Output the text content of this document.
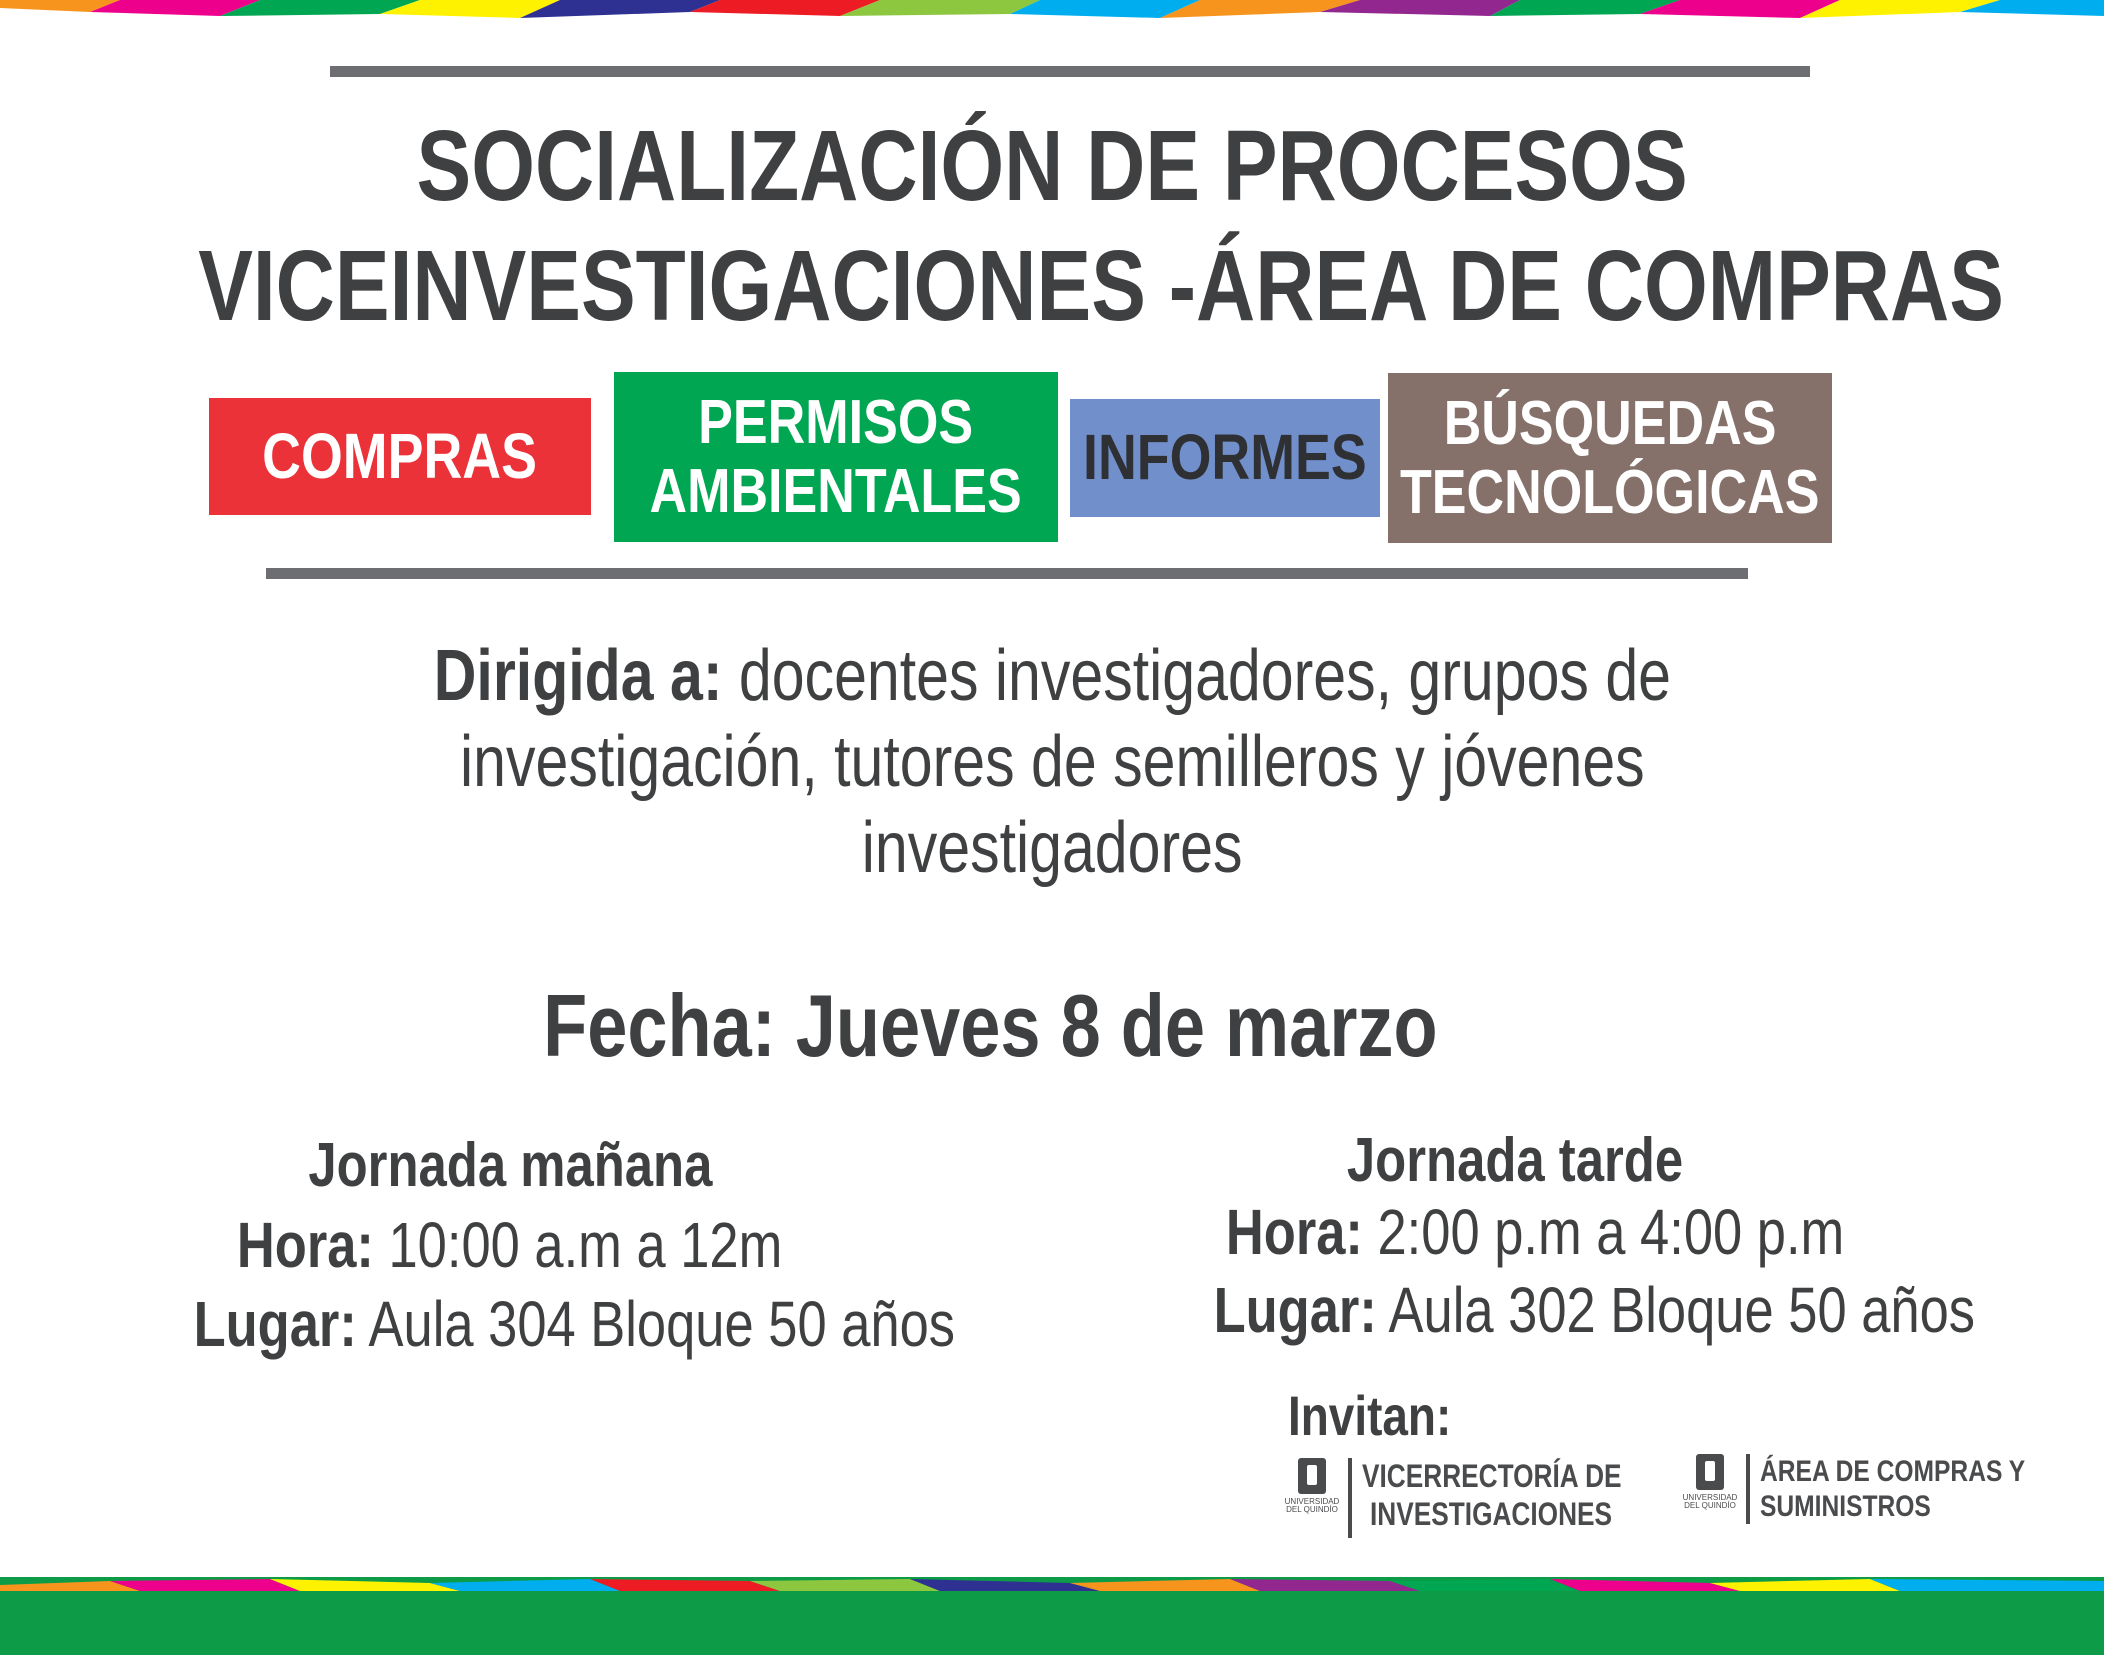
SOCIALIZACIÓN DE PROCESOS
VICEINVESTIGACIONES -ÁREA DE COMPRAS
COMPRAS	PERMISOS
AMBIENTALES INFORMES BÚSQUEDAS
TECNOLÓGICAS
Dirigida a: docentes investigadores, grupos de
investigación, tutores de semilleros y jóvenes
investigadores
Fecha: Jueves 8 de marzo
Jornada mañana
Hora: 10:00 a.m a 12m
Lugar: Aula 304 Bloque 50 años
Jornada tarde
Hora: 2:00 p.m a 4:00 p.m
Lugar: Aula 302 Bloque 50 años
Invitan:
UNIVERSIDAD
DEL QUINDÍO
VICERRECTORÍA DE
INVESTIGACIONES	UNIVERSIDAD
DEL QUINDÍO
ÁREA DE COMPRAS Y
SUMINISTROS
